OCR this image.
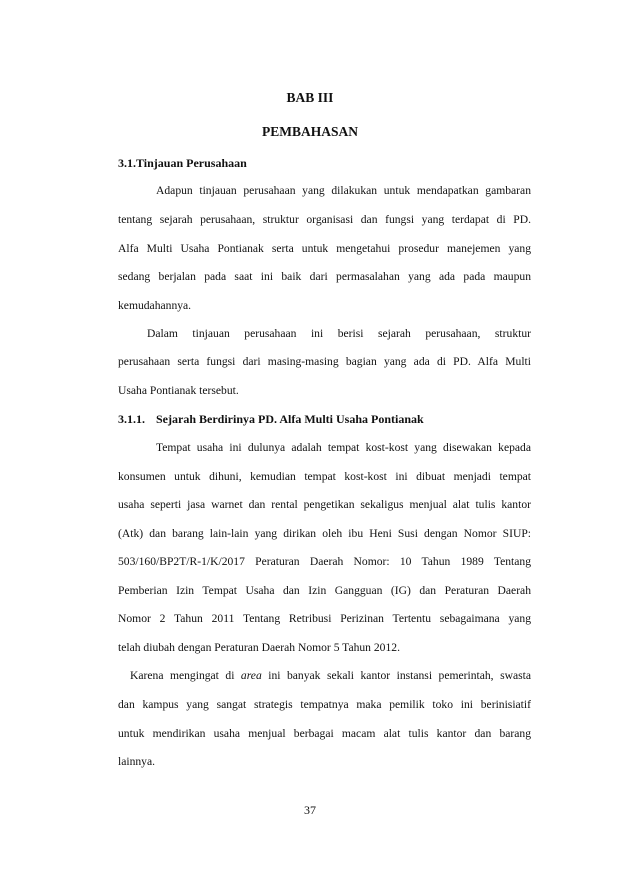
BAB III
PEMBAHASAN
3.1.Tinjauan Perusahaan
Adapun tinjauan perusahaan yang dilakukan untuk mendapatkan gambaran
tentang sejarah perusahaan, struktur organisasi dan fungsi yang terdapat di PD.
Alfa Multi Usaha Pontianak serta untuk mengetahui prosedur manejemen yang
sedang berjalan pada saat ini baik dari permasalahan yang ada pada maupun
kemudahannya.
Dalam tinjauan perusahaan ini berisi sejarah perusahaan, struktur
perusahaan serta fungsi dari masing-masing bagian yang ada di PD. Alfa Multi
Usaha Pontianak tersebut.
3.1.1. Sejarah Berdirinya PD. Alfa Multi Usaha Pontianak
Tempat usaha ini dulunya adalah tempat kost-kost yang disewakan kepada
konsumen untuk dihuni, kemudian tempat kost-kost ini dibuat menjadi tempat
usaha seperti jasa warnet dan rental pengetikan sekaligus menjual alat tulis kantor
(Atk) dan barang lain-lain yang dirikan oleh ibu Heni Susi dengan Nomor SIUP:
503/160/BP2T/R-1/K/2017 Peraturan Daerah Nomor: 10 Tahun 1989 Tentang
Pemberian Izin Tempat Usaha dan Izin Gangguan (IG) dan Peraturan Daerah
Nomor 2 Tahun 2011 Tentang Retribusi Perizinan Tertentu sebagaimana yang
telah diubah dengan Peraturan Daerah Nomor 5 Tahun 2012.
Karena mengingat di area ini banyak sekali kantor instansi pemerintah, swasta
dan kampus yang sangat strategis tempatnya maka pemilik toko ini berinisiatif
untuk mendirikan usaha menjual berbagai macam alat tulis kantor dan barang
lainnya.
37
